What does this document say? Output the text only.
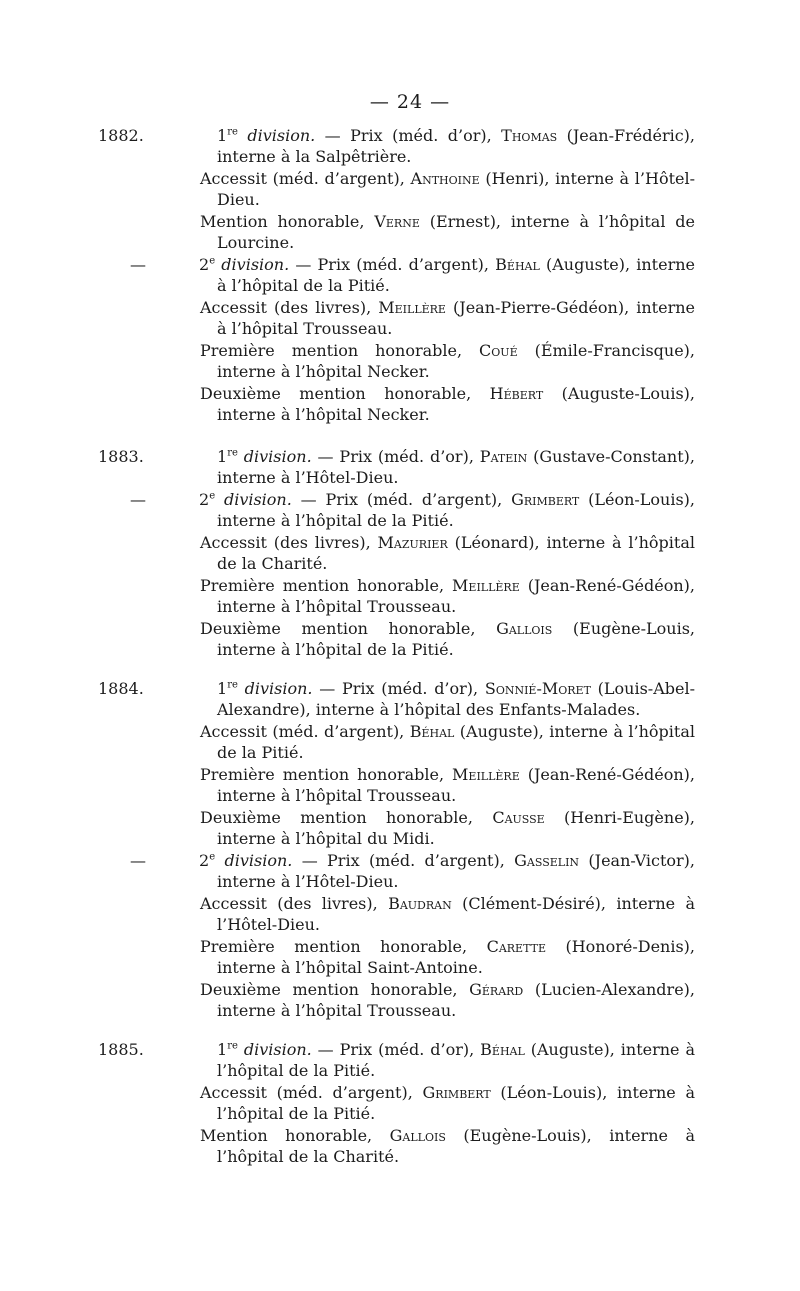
— 24 —

1882.	1re division. — Prix (méd. d’or), Thomas (Jean-Frédéric), interne à la Salpêtrière.

Accessit (méd. d’argent), Anthoine (Henri), interne à l’Hôtel-Dieu.

Mention honorable, Verne (Ernest), interne à l’hôpital de Lourcine.

—	2e division. — Prix (méd. d’argent), Béhal (Auguste), interne à l’hôpital de la Pitié.

Accessit (des livres), Meillère (Jean-Pierre-Gédéon), interne à l’hôpital Trousseau.

Première mention honorable, Coué (Émile-Francisque), interne à l’hôpital Necker.

Deuxième mention honorable, Hébert (Auguste-Louis), interne à l’hôpital Necker.

1883.	1re division. — Prix (méd. d’or), Patein (Gustave-Constant), interne à l’Hôtel-Dieu.

—	2e division. — Prix (méd. d’argent), Grimbert (Léon-Louis), interne à l’hôpital de la Pitié.

Accessit (des livres), Mazurier (Léonard), interne à l’hôpital de la Charité.

Première mention honorable, Meillère (Jean-René-Gédéon), interne à l’hôpital Trousseau.

Deuxième mention honorable, Gallois (Eugène-Louis, interne à l’hôpital de la Pitié.

1884.	1re division. — Prix (méd. d’or), Sonnié-Moret (Louis-Abel-Alexandre), interne à l’hôpital des Enfants-Malades.

Accessit (méd. d’argent), Béhal (Auguste), interne à l’hôpital de la Pitié.

Première mention honorable, Meillère (Jean-René-Gédéon), interne à l’hôpital Trousseau.

Deuxième mention honorable, Causse (Henri-Eugène), interne à l’hôpital du Midi.

—	2e division. — Prix (méd. d’argent), Gasselin (Jean-Victor), interne à l’Hôtel-Dieu.

Accessit (des livres), Baudran (Clément-Désiré), interne à l’Hôtel-Dieu.

Première mention honorable, Carette (Honoré-Denis), interne à l’hôpital Saint-Antoine.

Deuxième mention honorable, Gérard (Lucien-Alexandre), interne à l’hôpital Trousseau.

1885.	1re division. — Prix (méd. d’or), Béhal (Auguste), interne à l’hôpital de la Pitié.

Accessit (méd. d’argent), Grimbert (Léon-Louis), interne à l’hôpital de la Pitié.

Mention honorable, Gallois (Eugène-Louis), interne à l’hôpital de la Charité.
